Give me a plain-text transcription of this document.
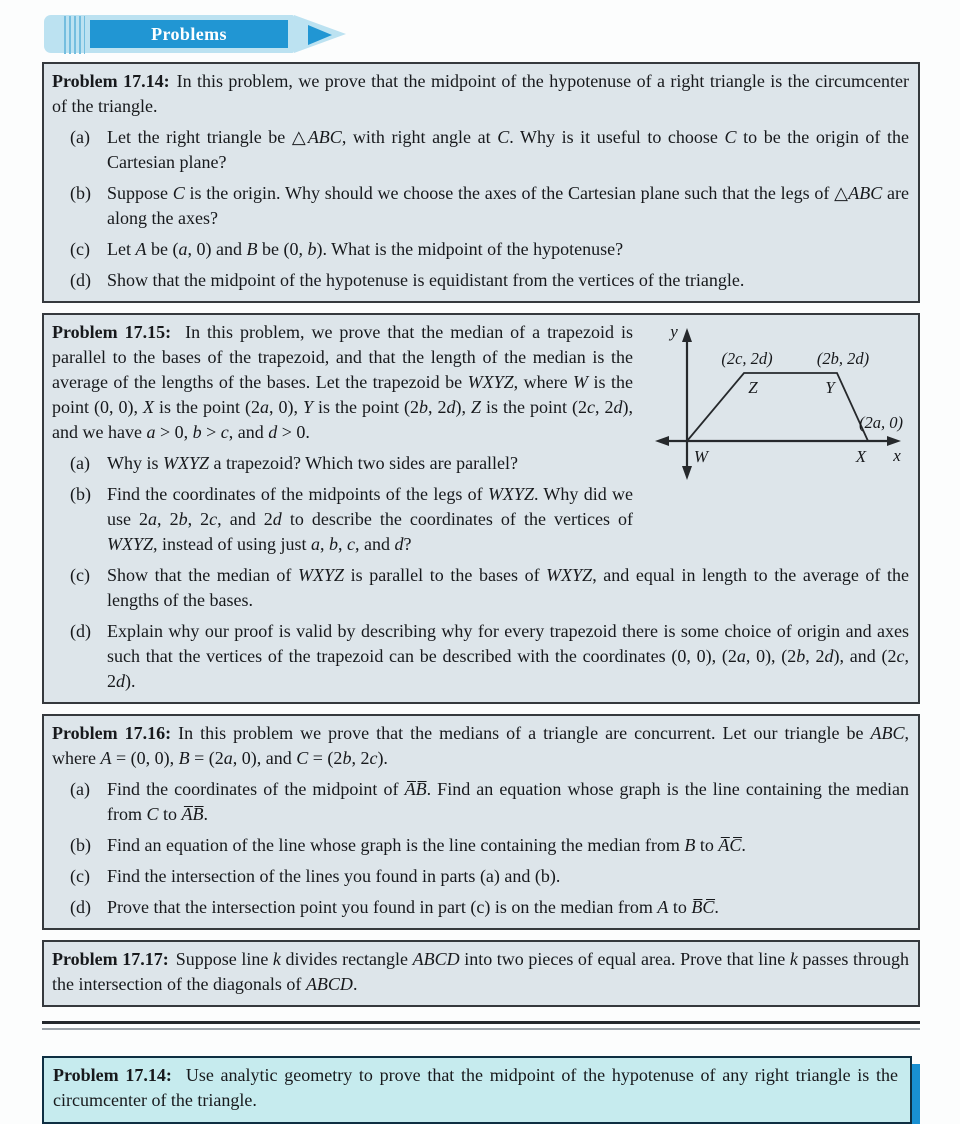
Problems

Problem 17.14: In this problem, we prove that the midpoint of the hypotenuse of a right triangle is the circumcenter of the triangle.

(a) Let the right triangle be △ABC, with right angle at C. Why is it useful to choose C to be the origin of the Cartesian plane?
(b) Suppose C is the origin. Why should we choose the axes of the Cartesian plane such that the legs of △ABC are along the axes?
(c) Let A be (a, 0) and B be (0, b). What is the midpoint of the hypotenuse?
(d) Show that the midpoint of the hypotenuse is equidistant from the vertices of the triangle.
y
x
W	X
Z	Y
(2c, 2d)	(2b, 2d)
(2a, 0)

Problem 17.15: In this problem, we prove that the median of a trapezoid is parallel to the bases of the trapezoid, and that the length of the median is the average of the lengths of the bases. Let the trapezoid be WXYZ, where W is the point (0, 0), X is the point (2a, 0), Y is the point (2b, 2d), Z is the point (2c, 2d), and we have a > 0, b > c, and d > 0.

(a) Why is WXYZ a trapezoid? Which two sides are parallel?
(b) Find the coordinates of the midpoints of the legs of WXYZ. Why did we use 2a, 2b, 2c, and 2d to describe the coordinates of the vertices of WXYZ, instead of using just a, b, c, and d?
(c) Show that the median of WXYZ is parallel to the bases of WXYZ, and equal in length to the average of the lengths of the bases.
(d) Explain why our proof is valid by describing why for every trapezoid there is some choice of origin and axes such that the vertices of the trapezoid can be described with the coordinates (0, 0), (2a, 0), (2b, 2d), and (2c, 2d).

Problem 17.16: In this problem we prove that the medians of a triangle are concurrent. Let our triangle be ABC, where A = (0, 0), B = (2a, 0), and C = (2b, 2c).

(a) Find the coordinates of the midpoint of A̅B̅. Find an equation whose graph is the line containing the median from C to A̅B̅.
(b) Find an equation of the line whose graph is the line containing the median from B to A̅C̅.
(c) Find the intersection of the lines you found in parts (a) and (b).
(d) Prove that the intersection point you found in part (c) is on the median from A to B̅C̅.

Problem 17.17: Suppose line k divides rectangle ABCD into two pieces of equal area. Prove that line k passes through the intersection of the diagonals of ABCD.

Problem 17.14: Use analytic geometry to prove that the midpoint of the hypotenuse of any right triangle is the circumcenter of the triangle.
